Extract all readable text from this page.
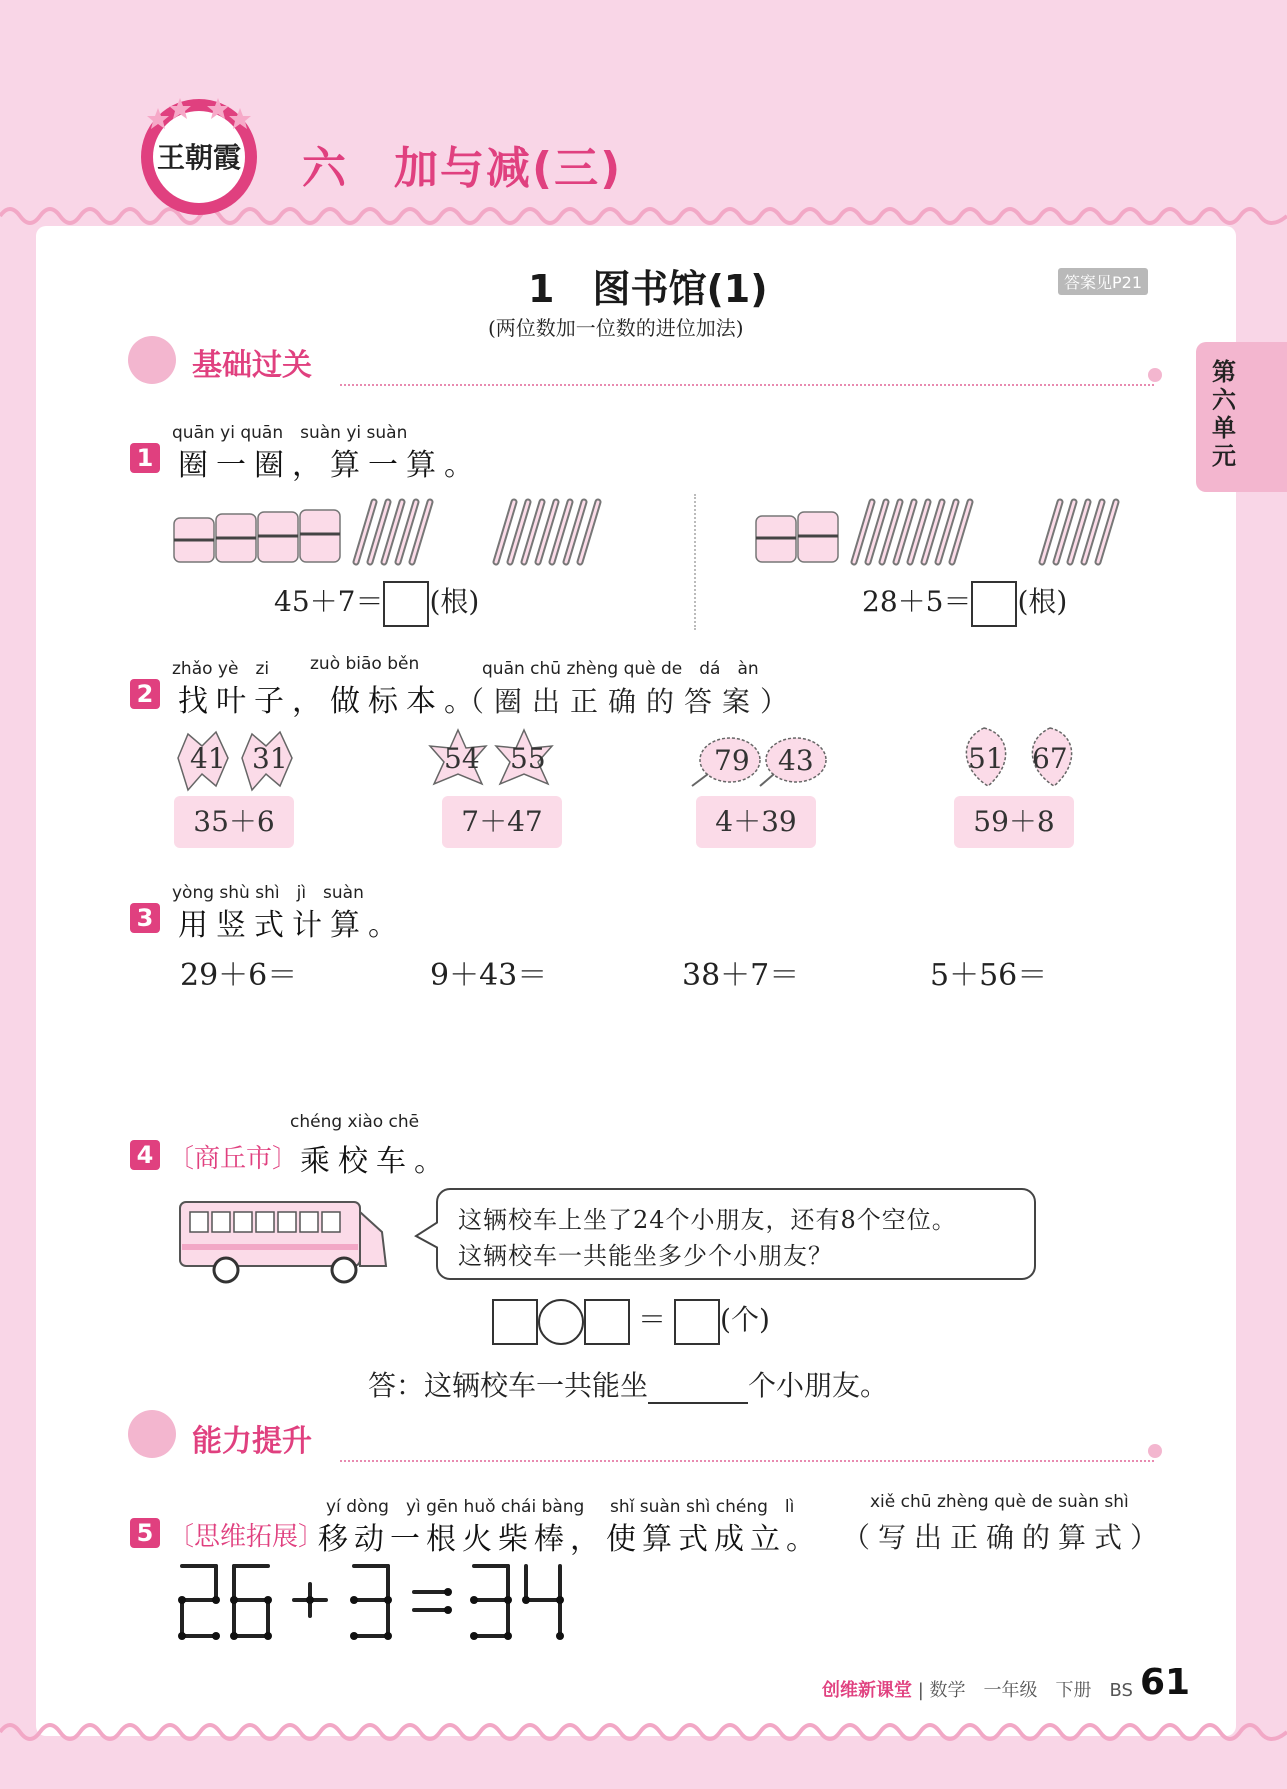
王朝霞 六　加与减(三)
1　图书馆(1)
(两位数加一位数的进位加法)
答案见P21
第六单元
基础过关
quān yi quān　suàn yi suàn
1 圈一圈，算一算。
45＋7＝ (根)	28＋5＝ (根)
zhǎo yè　zi zuò biāo běn	quān chū zhèng què de　dá　àn
2 找叶子，做标本。
（圈出正确的答案）
41 31
35＋6
54 55
7＋47
79 43
4＋39
51 67
59＋8
yòng shù shì　jì　suàn
3 用竖式计算。
29＋6＝	9＋43＝	38＋7＝	5＋56＝
chéng xiào chē
4 〔商丘市〕 乘校车。
这辆校车上坐了24个小朋友，还有8个空位。
这辆校车一共能坐多少个小朋友？
＝ (个)
答：这辆校车一共能坐	个小朋友。
能力提升
yí dòng　yì gēn huǒ chái bàng shǐ suàn shì chéng　lì	xiě chū zhèng què de suàn shì
5 〔思维拓展〕
移动一根火柴棒，使算式成立。 （写出正确的算式）
创维新课堂 | 数学　一年级　下册　BS 61
